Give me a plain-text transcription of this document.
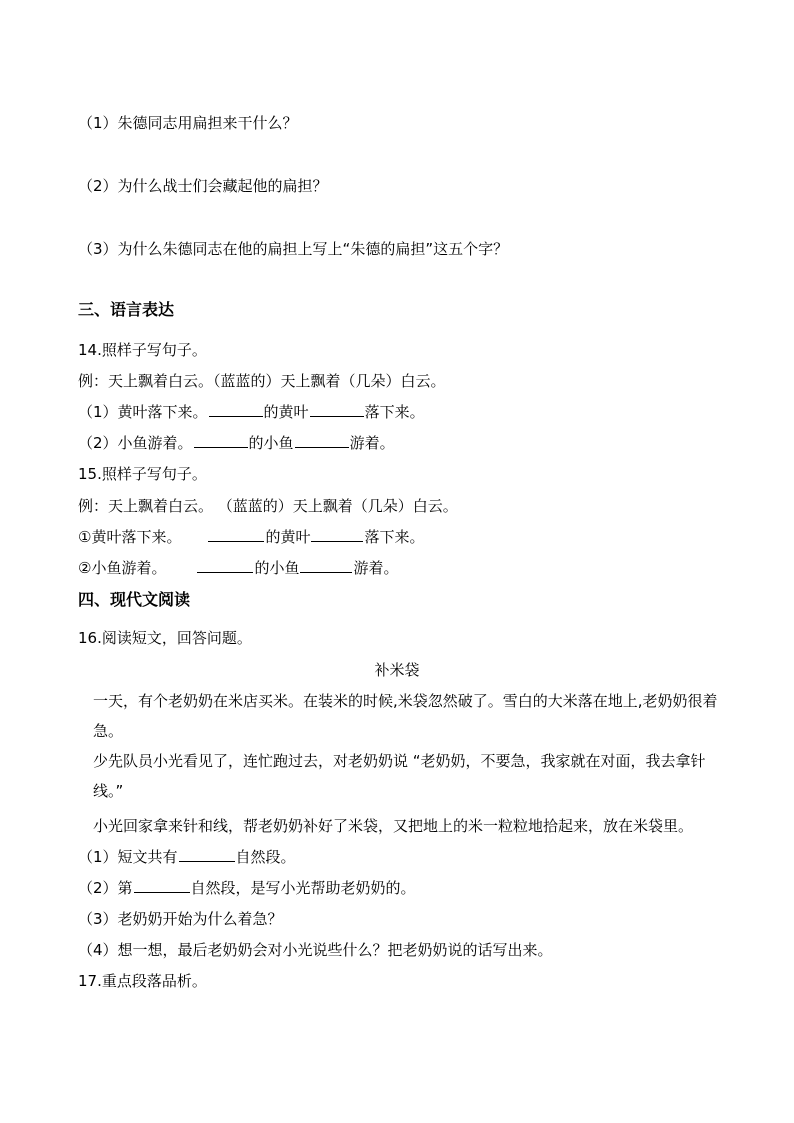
（1）朱德同志用扁担来干什么？
（2）为什么战士们会藏起他的扁担？
（3）为什么朱德同志在他的扁担上写上“朱德的扁担”这五个字？
三、语言表达
14.照样子写句子。
例：天上飘着白云。（蓝蓝的）天上飘着（几朵）白云。
（1）黄叶落下来。	的黄叶	落下来。
（2）小鱼游着。	的小鱼	游着。
15.照样子写句子。
例：天上飘着白云。 （蓝蓝的）天上飘着（几朵）白云。
①黄叶落下来。	的黄叶	落下来。
②小鱼游着。	的小鱼	游着。
四、现代文阅读
16.阅读短文，回答问题。
补米袋
一天，有个老奶奶在米店买米。在装米的时候,米袋忽然破了。雪白的大米落在地上,老奶奶很着急。
少先队员小光看见了，连忙跑过去，对老奶奶说 “老奶奶，不要急，我家就在对面，我去拿针线。”
小光回家拿来针和线，帮老奶奶补好了米袋，又把地上的米一粒粒地拾起来，放在米袋里。
（1）短文共有	自然段。
（2）第	自然段，是写小光帮助老奶奶的。
（3）老奶奶开始为什么着急？
（4）想一想，最后老奶奶会对小光说些什么？把老奶奶说的话写出来。
17.重点段落品析。
